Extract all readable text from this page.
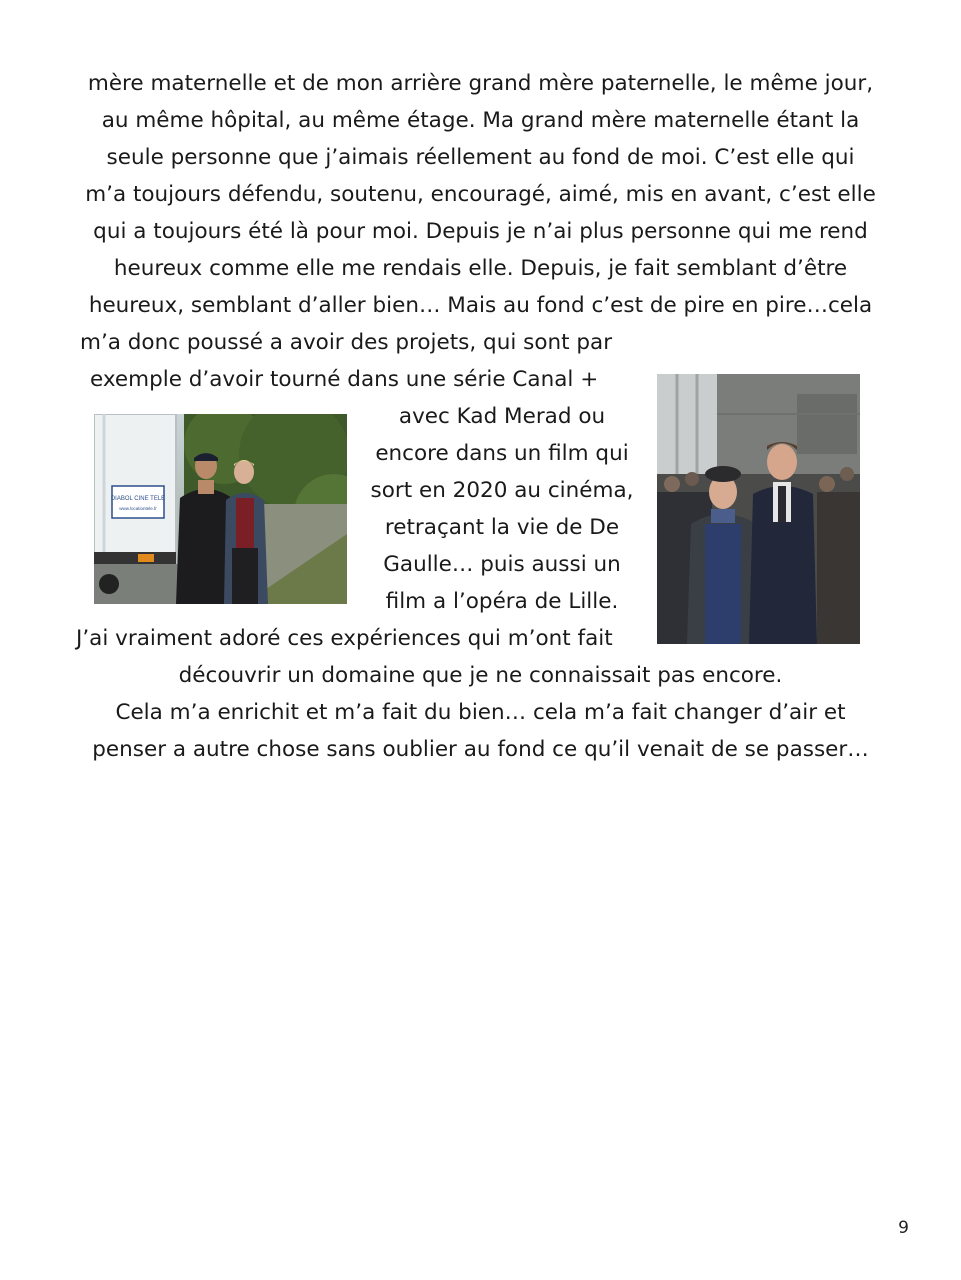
mère maternelle et de mon arrière grand mère paternelle, le même jour,
au même hôpital, au même étage. Ma grand mère maternelle étant la
seule personne que j’aimais réellement au fond de moi. C’est elle qui
m’a toujours défendu, soutenu, encouragé, aimé, mis en avant, c’est elle
qui a toujours été là pour moi. Depuis je n’ai plus personne qui me rend
heureux comme elle me rendais elle. Depuis, je fait semblant d’être
heureux, semblant d’aller bien… Mais au fond c’est de pire en pire…cela
m’a donc poussé a avoir des projets, qui sont par
exemple d’avoir tourné dans une série Canal +
avec Kad Merad ou
encore dans un film qui
sort en 2020 au cinéma,
retraçant la vie de De
Gaulle… puis aussi un
film a l’opéra de Lille.
J’ai vraiment adoré ces expériences qui m’ont fait
découvrir un domaine que je ne connaissait pas encore.
Cela m’a enrichit et m’a fait du bien… cela m’a fait changer d’air et
penser a autre chose sans oublier au fond ce qu’il venait de se passer…
DIABOL CINE TELE
www.locationtele.fr
9
